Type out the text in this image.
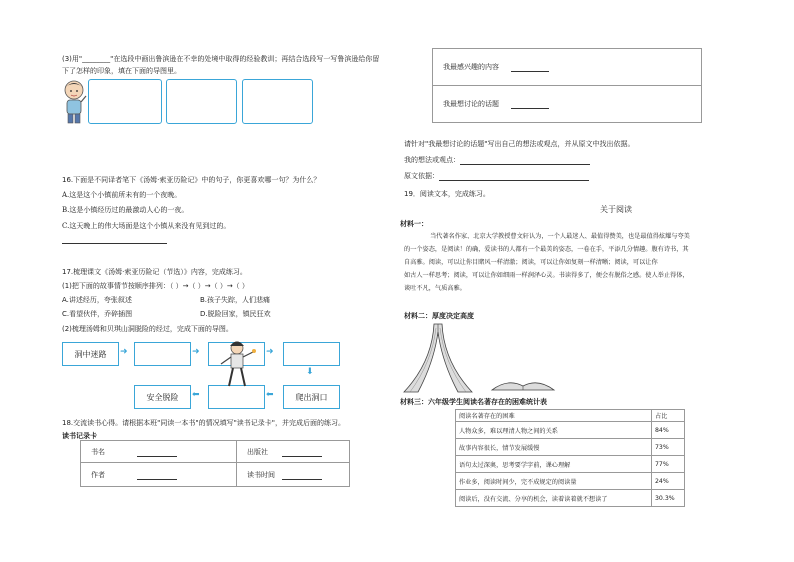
(3)用"________"在选段中画出鲁滨逊在不幸的处境中取得的经验教训；再结合选段写一写鲁滨逊给你留
下了怎样的印象，填在下面的导图里。
16.下面是不同译者笔下《汤姆·索亚历险记》中的句子，你更喜欢哪一句？为什么？
A.这是这个小镇前所未有的一个夜晚。
B.这是小镇经历过的最激动人心的一夜。
C.这天晚上的伟大场面是这个小镇从来没有见到过的。
17.梳理课文《汤姆·索亚历险记（节选）》内容，完成练习。
(1)把下面的故事情节按顺序排列：（ ）→（ ）→（ ）→（ ）
A.讲述经历，夸张叙述	B.孩子失踪，人们悲痛
C.看望伙伴，乔碎插图	D.脱险回家，镇民狂欢
(2)梳理汤姆和贝琪山洞脱险的经过，完成下面的导图。
洞中迷路	➜	➜	➜
⬇
爬出洞口
⬅
⬅
安全脱险
18.交流读书心得。请根据本班"同读一本书"的情况填写"读书记录卡"，并完成后面的练习。
读书记录卡
书名	出版社
作者	读书时间
我最感兴趣的内容
我最想讨论的话题
请针对"我最想讨论的话题"写出自己的想法或观点，并从原文中找出依据。
我的想法或观点：
原文依据：
19．阅读文本，完成练习。
关于阅读
材料一：
当代著名作家、北京大学教授曹文轩认为，一个人最迷人、最值得赞美，也是最值得炫耀与夸美
的一个姿态，是阅读！的确，爱读书的人都有一个最美的姿态，一卷在手，平添几分情趣。腹有诗书，其
自高雅。阅读，可以让你目睹风一样清澈；阅读，可以让你如复刻一样清晰；阅读，可以让你
如古人一样思考；阅读，可以让你如细雨一样润泽心灵。书读得多了，便会有脱俗之感。使人举止得体，
谈吐不凡，气质高雅。
材料二：厚度决定高度
材料三：六年级学生阅读名著存在的困难统计表
阅读名著存在的困难	占比
人物众多，难以理清人物之间的关系	84%
故事内容很长，情节发展缓慢	73%
语句太过深奥，思考要学字前，课心理解	77%
作业多，阅读时间少，完不成规定的阅读量	24%
阅读后，没有交流、分享的机会，读着读着就不想读了	30.3%
